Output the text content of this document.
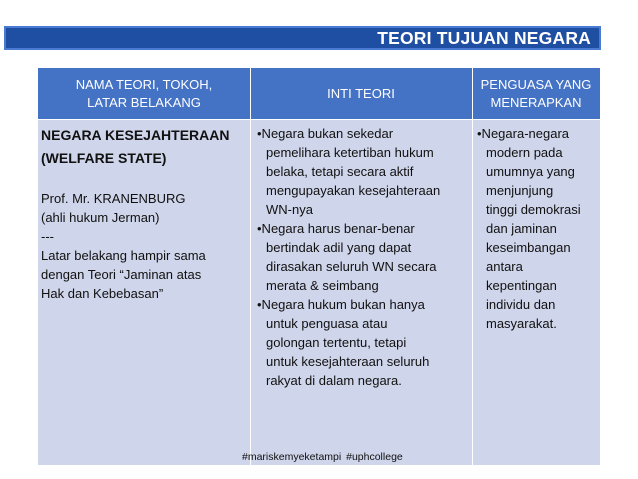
TEORI TUJUAN NEGARA
NAMA TEORI, TOKOH,
LATAR BELAKANG
INTI TEORI
PENGUASA YANG
MENERAPKAN
NEGARA KESEJAHTERAAN
(WELFARE STATE)
Prof. Mr. KRANENBURG
(ahli hukum Jerman)
---
Latar belakang hampir sama
dengan Teori “Jaminan atas
Hak dan Kebebasan”
•Negara bukan sekedar
pemelihara ketertiban hukum
belaka, tetapi secara aktif
mengupayakan kesejahteraan
WN-nya
•Negara harus benar-benar
bertindak adil yang dapat
dirasakan seluruh WN secara
merata & seimbang
•Negara hukum bukan hanya
untuk penguasa atau
golongan tertentu, tetapi
untuk kesejahteraan seluruh
rakyat di dalam negara.
•Negara-negara
modern pada
umumnya yang
menjunjung
tinggi demokrasi
dan jaminan
keseimbangan
antara
kepentingan
individu dan
masyarakat.
#mariskemyeketampi #uphcollege
